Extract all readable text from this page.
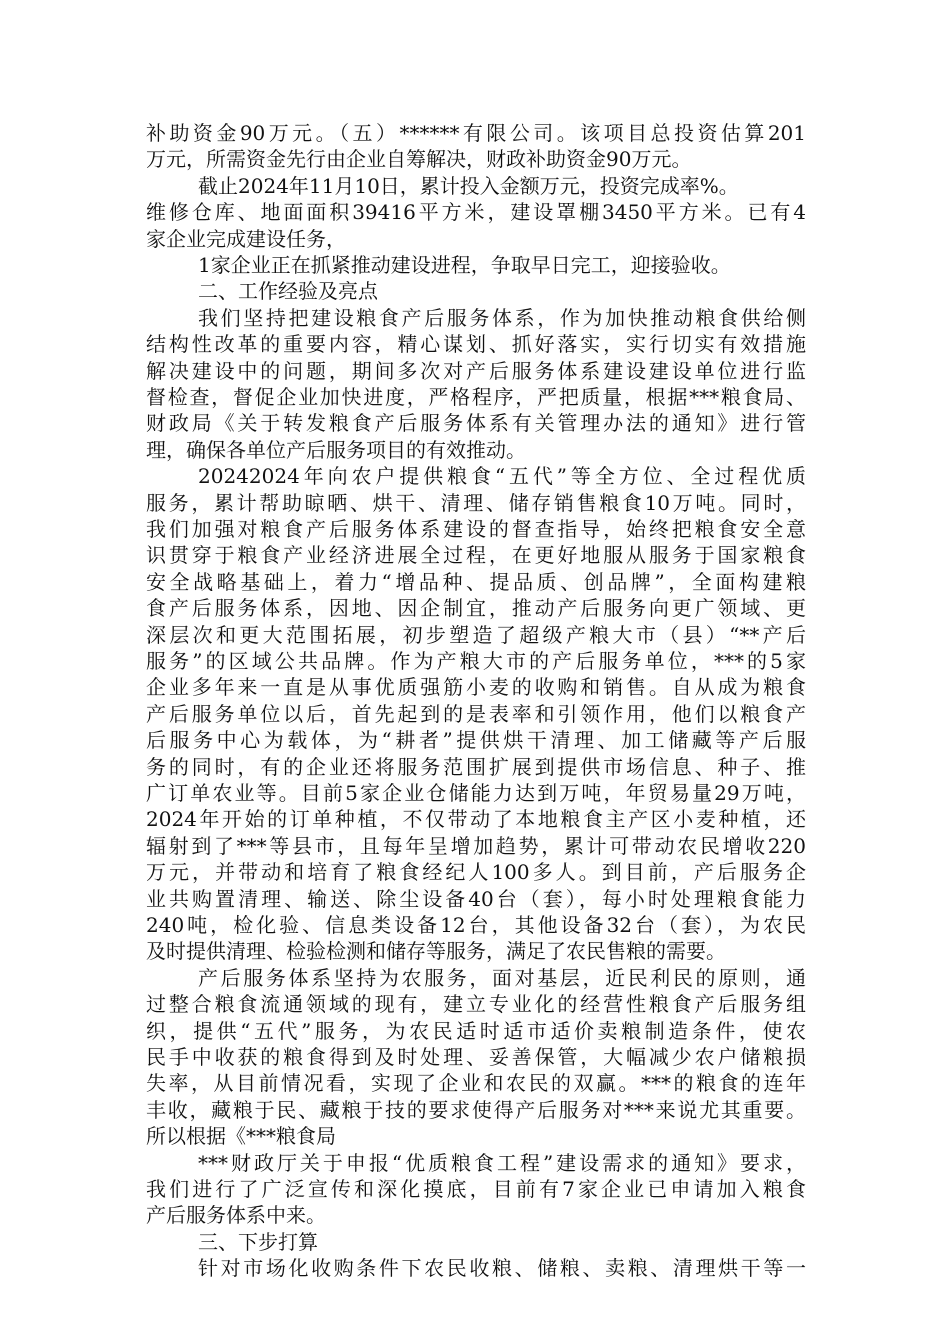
补助资金90万元。（五）******有限公司。该项目总投资估算201
万元，所需资金先行由企业自筹解决，财政补助资金90万元。
截止2024年11月10日，累计投入金额万元，投资完成率%。
维修仓库、地面面积39416平方米，建设罩棚3450平方米。已有4
家企业完成建设任务，
1家企业正在抓紧推动建设进程，争取早日完工，迎接验收。
二、工作经验及亮点
我们坚持把建设粮食产后服务体系，作为加快推动粮食供给侧
结构性改革的重要内容，精心谋划、抓好落实，实行切实有效措施
解决建设中的问题，期间多次对产后服务体系建设建设单位进行监
督检查，督促企业加快进度，严格程序，严把质量，根据***粮食局、
财政局《关于转发粮食产后服务体系有关管理办法的通知》进行管
理，确保各单位产后服务项目的有效推动。
20242024年向农户提供粮食“五代”等全方位、全过程优质
服务，累计帮助晾晒、烘干、清理、储存销售粮食10万吨。同时，
我们加强对粮食产后服务体系建设的督查指导，始终把粮食安全意
识贯穿于粮食产业经济进展全过程，在更好地服从服务于国家粮食
安全战略基础上，着力“增品种、提品质、创品牌”，全面构建粮
食产后服务体系，因地、因企制宜，推动产后服务向更广领域、更
深层次和更大范围拓展，初步塑造了超级产粮大市（县）“**产后
服务”的区域公共品牌。作为产粮大市的产后服务单位，***的5家
企业多年来一直是从事优质强筋小麦的收购和销售。自从成为粮食
产后服务单位以后，首先起到的是表率和引领作用，他们以粮食产
后服务中心为载体，为“耕者”提供烘干清理、加工储藏等产后服
务的同时，有的企业还将服务范围扩展到提供市场信息、种子、推
广订单农业等。目前5家企业仓储能力达到万吨，年贸易量29万吨，
2024年开始的订单种植，不仅带动了本地粮食主产区小麦种植，还
辐射到了***等县市，且每年呈增加趋势，累计可带动农民增收220
万元，并带动和培育了粮食经纪人100多人。到目前，产后服务企
业共购置清理、输送、除尘设备40台（套），每小时处理粮食能力
240吨，检化验、信息类设备12台，其他设备32台（套），为农民
及时提供清理、检验检测和储存等服务，满足了农民售粮的需要。
产后服务体系坚持为农服务，面对基层，近民利民的原则，通
过整合粮食流通领域的现有，建立专业化的经营性粮食产后服务组
织，提供“五代”服务，为农民适时适市适价卖粮制造条件，使农
民手中收获的粮食得到及时处理、妥善保管，大幅减少农户储粮损
失率，从目前情况看，实现了企业和农民的双赢。***的粮食的连年
丰收，藏粮于民、藏粮于技的要求使得产后服务对***来说尤其重要。
所以根据《***粮食局
***财政厅关于申报“优质粮食工程”建设需求的通知》要求，
我们进行了广泛宣传和深化摸底，目前有7家企业已申请加入粮食
产后服务体系中来。
三、下步打算
针对市场化收购条件下农民收粮、储粮、卖粮、清理烘干等一
